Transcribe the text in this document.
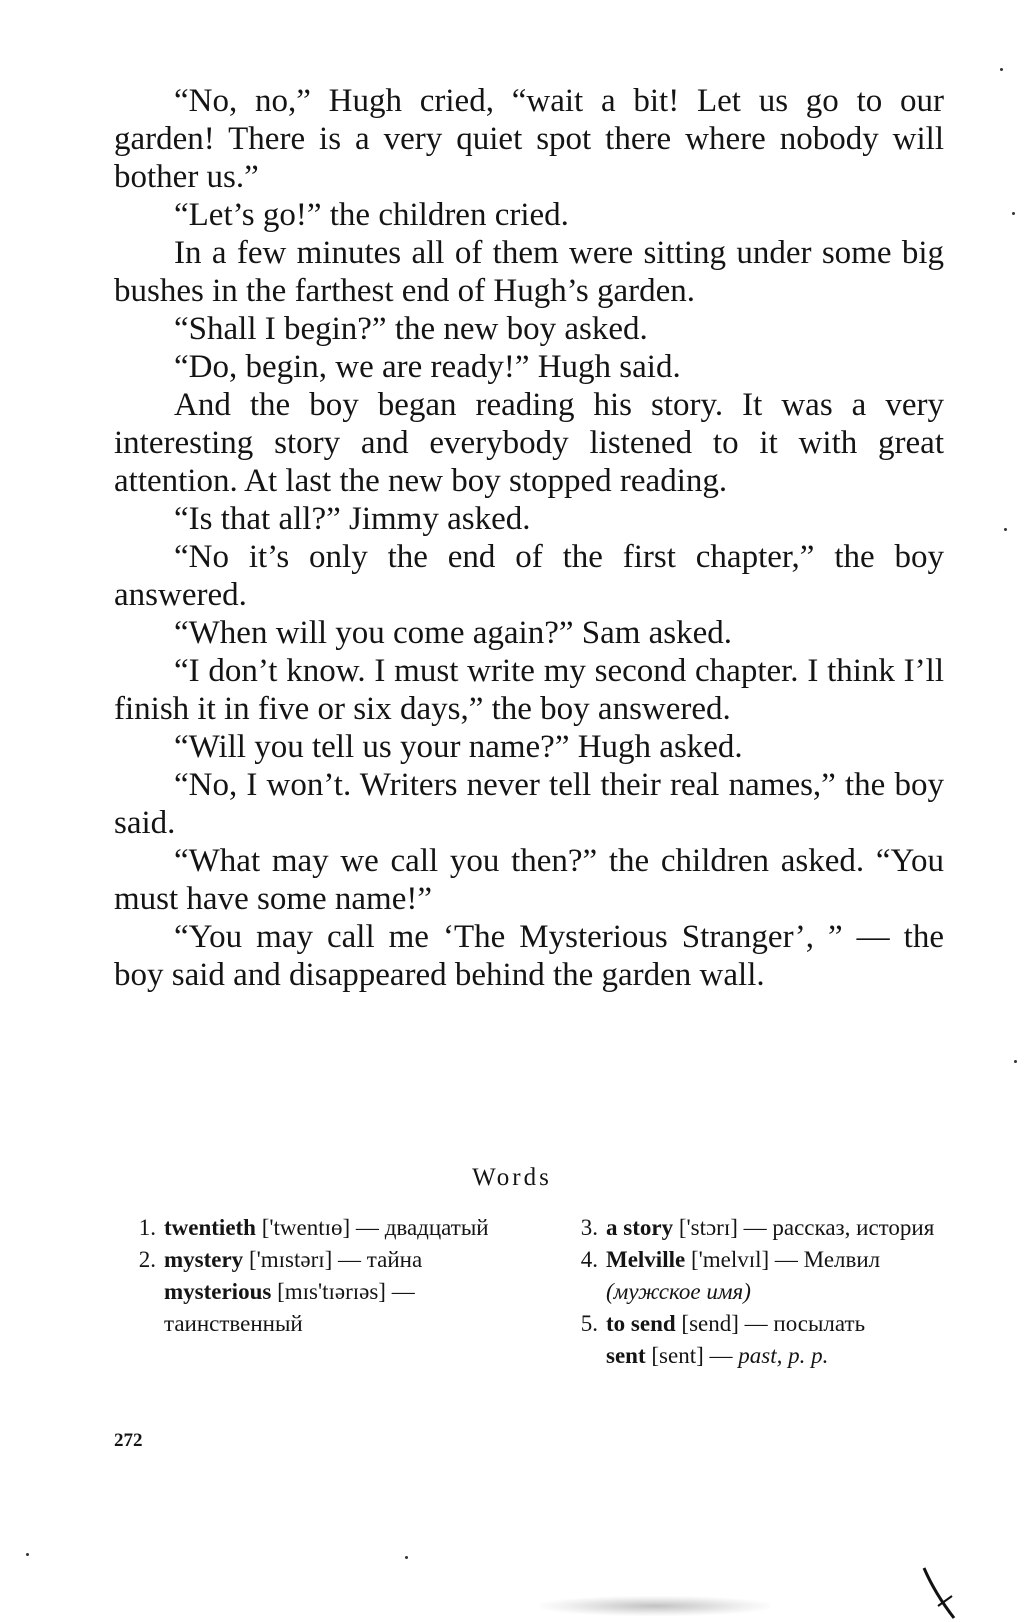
“No, no,” Hugh cried, “wait a bit! Let us go to our garden! There is a very quiet spot there where nobody will bother us.”

“Let’s go!” the children cried.

In a few minutes all of them were sitting under some big bushes in the farthest end of Hugh’s garden.

“Shall I begin?” the new boy asked.

“Do, begin, we are ready!” Hugh said.

And the boy began reading his story. It was a very interesting story and everybody listened to it with great attention. At last the new boy stopped reading.

“Is that all?” Jimmy asked.

“No it’s only the end of the first chapter,” the boy answered.

“When will you come again?” Sam asked.

“I don’t know. I must write my second chapter. I think I’ll finish it in five or six days,” the boy answered.

“Will you tell us your name?” Hugh asked.

“No, I won’t. Writers never tell their real names,” the boy said.

“What may we call you then?” the children asked. “You must have some name!”

“You may call me ‘The Mysterious Stranger’, ” — the boy said and disappeared behind the garden wall.

Words
1. twentieth ['twentɪɵ] — двадцатый
2. mystery ['mɪstərɪ] — тайна
mysterious [mɪs'tɪərɪəs] —
таинственный
3. a story ['stɔrɪ] — рассказ, история
4. Melville ['melvɪl] — Мелвил
(мужское имя)
5. to send [send] — посылать
sent [sent] — past, p. p.
272
